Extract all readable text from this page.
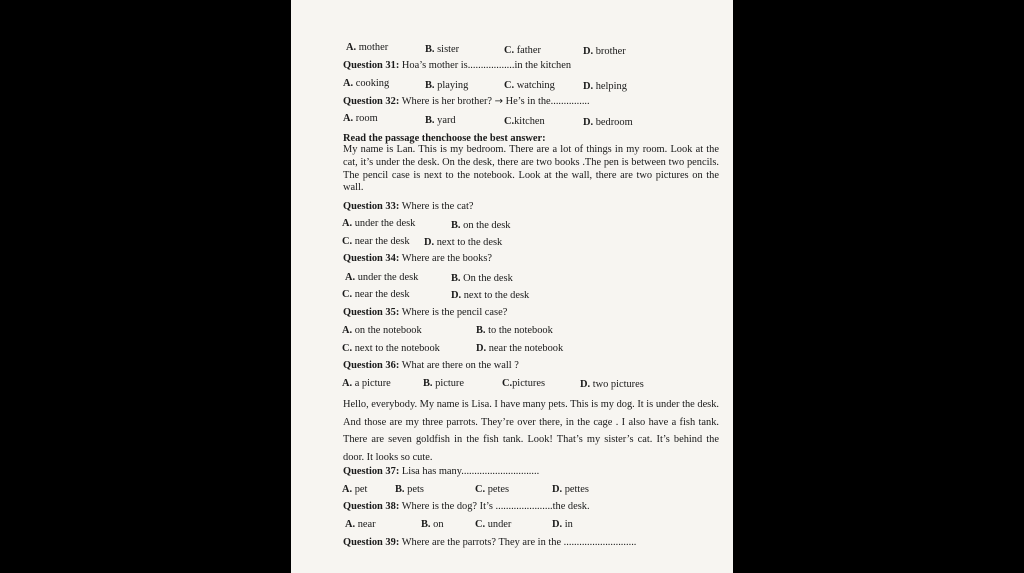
A. mother	B. sister	C. father	D. brother
Question 31: Hoa’s mother is..................in the kitchen
A. cooking	B. playing	C. watching	D. helping
Question 32: Where is her brother? → He’s in the...............
A. room	B. yard	C.kitchen	D. bedroom
Read the passage thenchoose the best answer:
My name is Lan. This is my bedroom. There are a lot of things in my room. Look at the cat, it’s under the desk. On the desk, there are two books .The pen is between two pencils. The pencil case is next to the notebook. Look at the wall, there are two pictures on the wall.
Question 33: Where is the cat?
A. under the desk	B. on the desk
C. near the desk D. next to the desk
Question 34: Where are the books?
A. under the desk	B. On the desk
C. near the desk	D. next to the desk
Question 35: Where is the pencil case?
A. on the notebook	B. to the notebook
C. next to the notebook	D. near the notebook
Question 36: What are there on the wall ?
A. a picture	B. picture	C.pictures	D. two pictures
Hello, everybody. My name is Lisa. I have many pets. This is my dog. It is under the desk. And those are my three parrots. They’re over there, in the cage . I also have a fish tank. There are seven goldfish in the fish tank. Look! That’s my sister’s cat. It’s behind the door. It looks so cute.
Question 37: Lisa has many..............................
A. pet	B. pets	C. petes	D. pettes
Question 38: Where is the dog? It’s ......................the desk.
A. near	B. on	C. under	D. in
Question 39: Where are the parrots? They are in the ............................
